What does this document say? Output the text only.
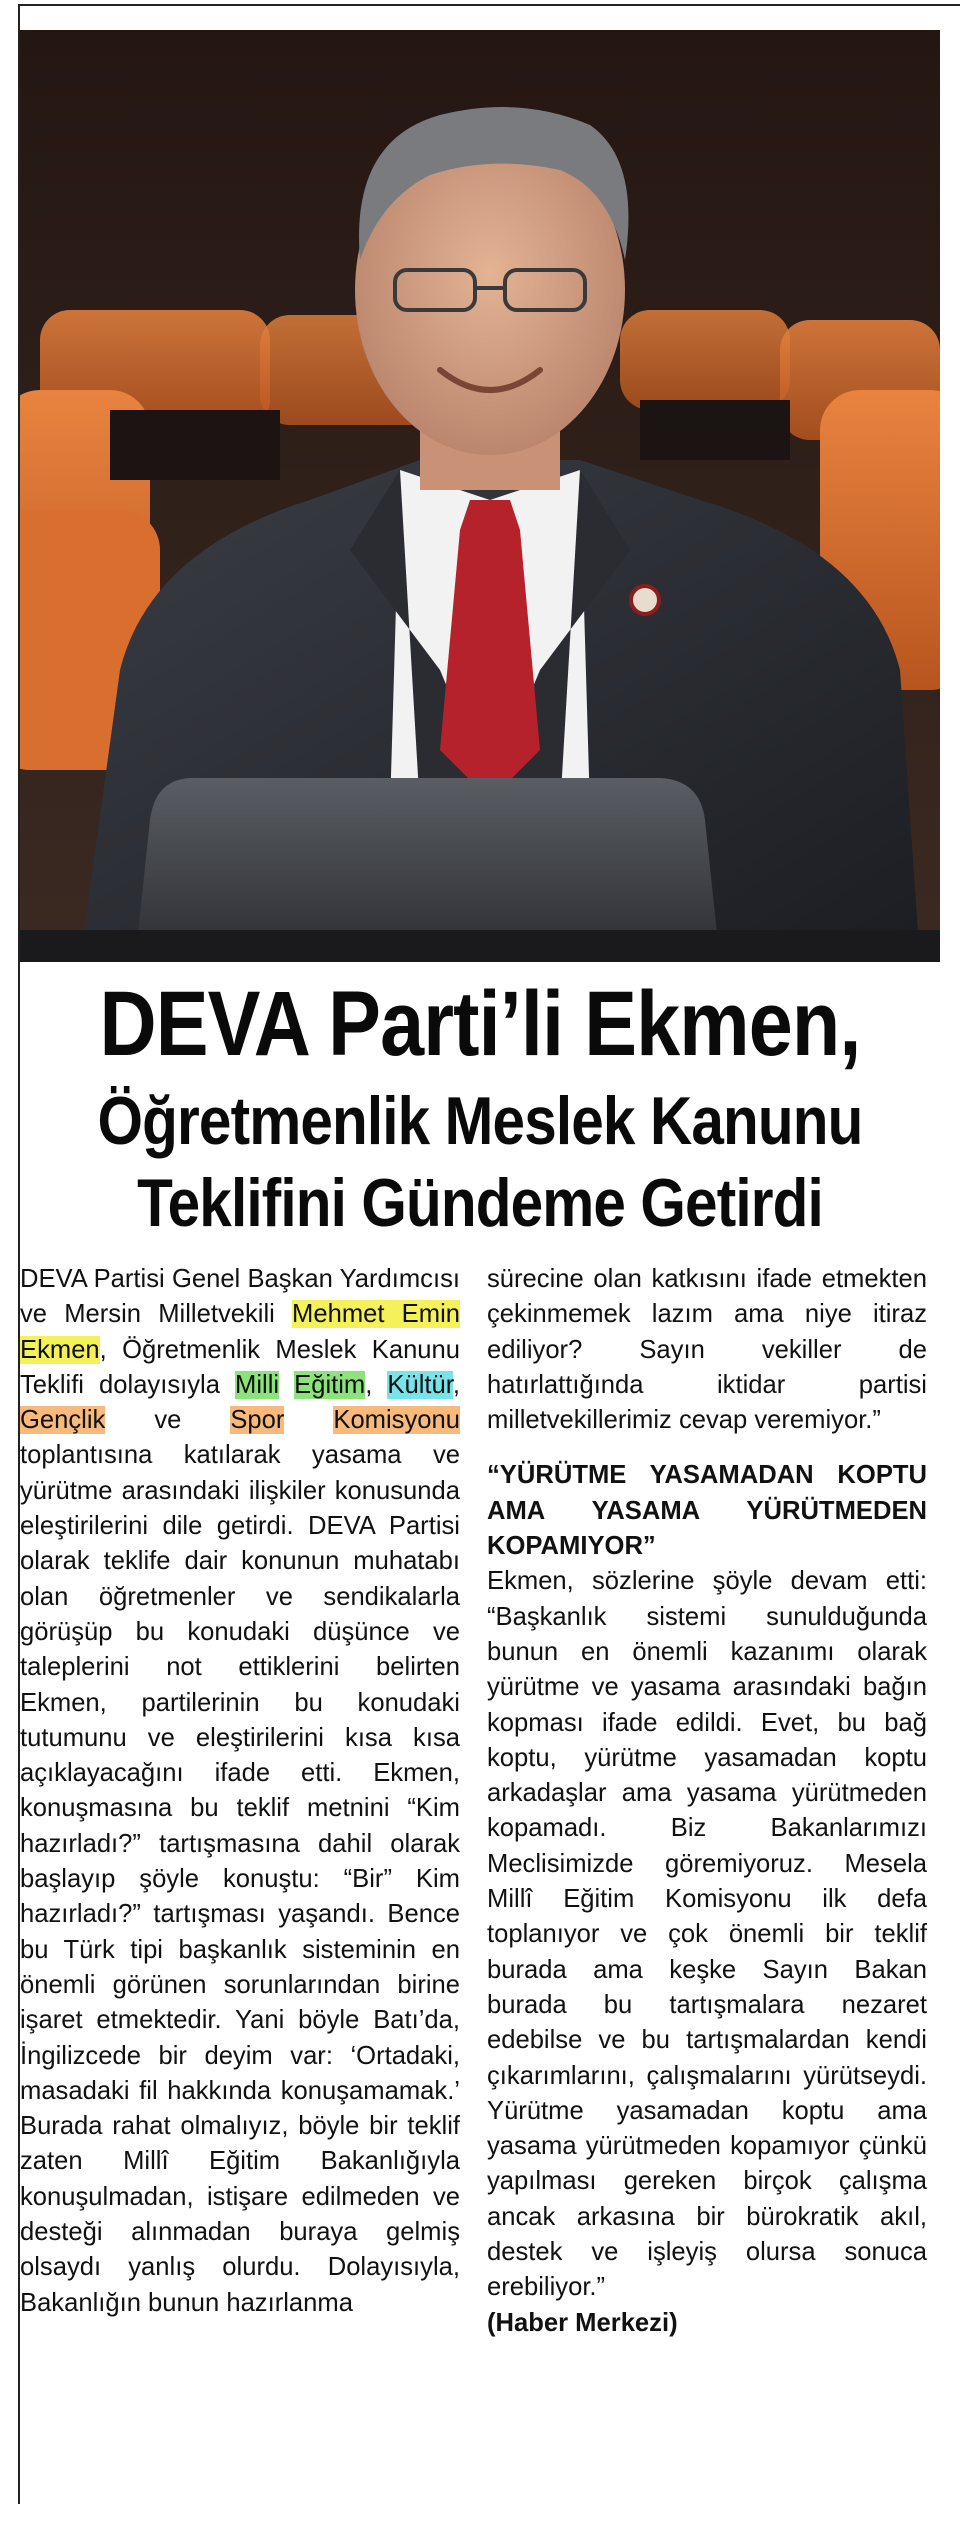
DEVA Parti’li Ekmen,
Öğretmenlik Meslek Kanunu
Teklifini Gündeme Getirdi

DEVA Partisi Genel Başkan Yardımcısı ve Mersin Milletvekili Mehmet Emin Ekmen, Öğretmenlik Meslek Kanunu Teklifi dolayısıyla Milli Eğitim, Kültür, Gençlik ve Spor Komisyonu toplantısına katılarak yasama ve yürütme arasındaki ilişkiler konusunda eleştirilerini dile getirdi. DEVA Partisi olarak teklife dair konunun muhatabı olan öğretmenler ve sendikalarla görüşüp bu konudaki düşünce ve taleplerini not ettiklerini belirten Ekmen, partilerinin bu konudaki tutumunu ve eleştirilerini kısa kısa açıklayacağını ifade etti. Ekmen, konuşmasına bu teklif metnini “Kim hazırladı?” tartışmasına dahil olarak başlayıp şöyle konuştu: “Bir” Kim hazırladı?” tartışması yaşandı. Bence bu Türk tipi başkanlık sisteminin en önemli görünen sorunlarından birine işaret etmektedir. Yani böyle Batı’da, İngilizcede bir deyim var: ‘Ortadaki, masadaki fil hakkında konuşamamak.’ Burada rahat olmalıyız, böyle bir teklif zaten Millî Eğitim Bakanlığıyla konuşulmadan, istişare edilmeden ve desteği alınmadan buraya gelmiş olsaydı yanlış olurdu. Dolayısıyla, Bakanlığın bunun hazırlanma

sürecine olan katkısını ifade etmekten çekinmemek lazım ama niye itiraz ediliyor? Sayın vekiller de hatırlattığında iktidar partisi milletvekillerimiz cevap veremiyor.”

“YÜRÜTME YASAMADAN KOPTU AMA YASAMA YÜRÜTMEDEN KOPAMIYOR”

Ekmen, sözlerine şöyle devam etti: “Başkanlık sistemi sunulduğunda bunun en önemli kazanımı olarak yürütme ve yasama arasındaki bağın kopması ifade edildi. Evet, bu bağ koptu, yürütme yasamadan koptu arkadaşlar ama yasama yürütmeden kopamadı. Biz Bakanlarımızı Meclisimizde göremiyoruz. Mesela Millî Eğitim Komisyonu ilk defa toplanıyor ve çok önemli bir teklif burada ama keşke Sayın Bakan burada bu tartışmalara nezaret edebilse ve bu tartışmalardan kendi çıkarımlarını, çalışmalarını yürütseydi. Yürütme yasamadan koptu ama yasama yürütmeden kopamıyor çünkü yapılması gereken birçok çalışma ancak arkasına bir bürokratik akıl, destek ve işleyiş olursa sonuca erebiliyor.”

(Haber Merkezi)
